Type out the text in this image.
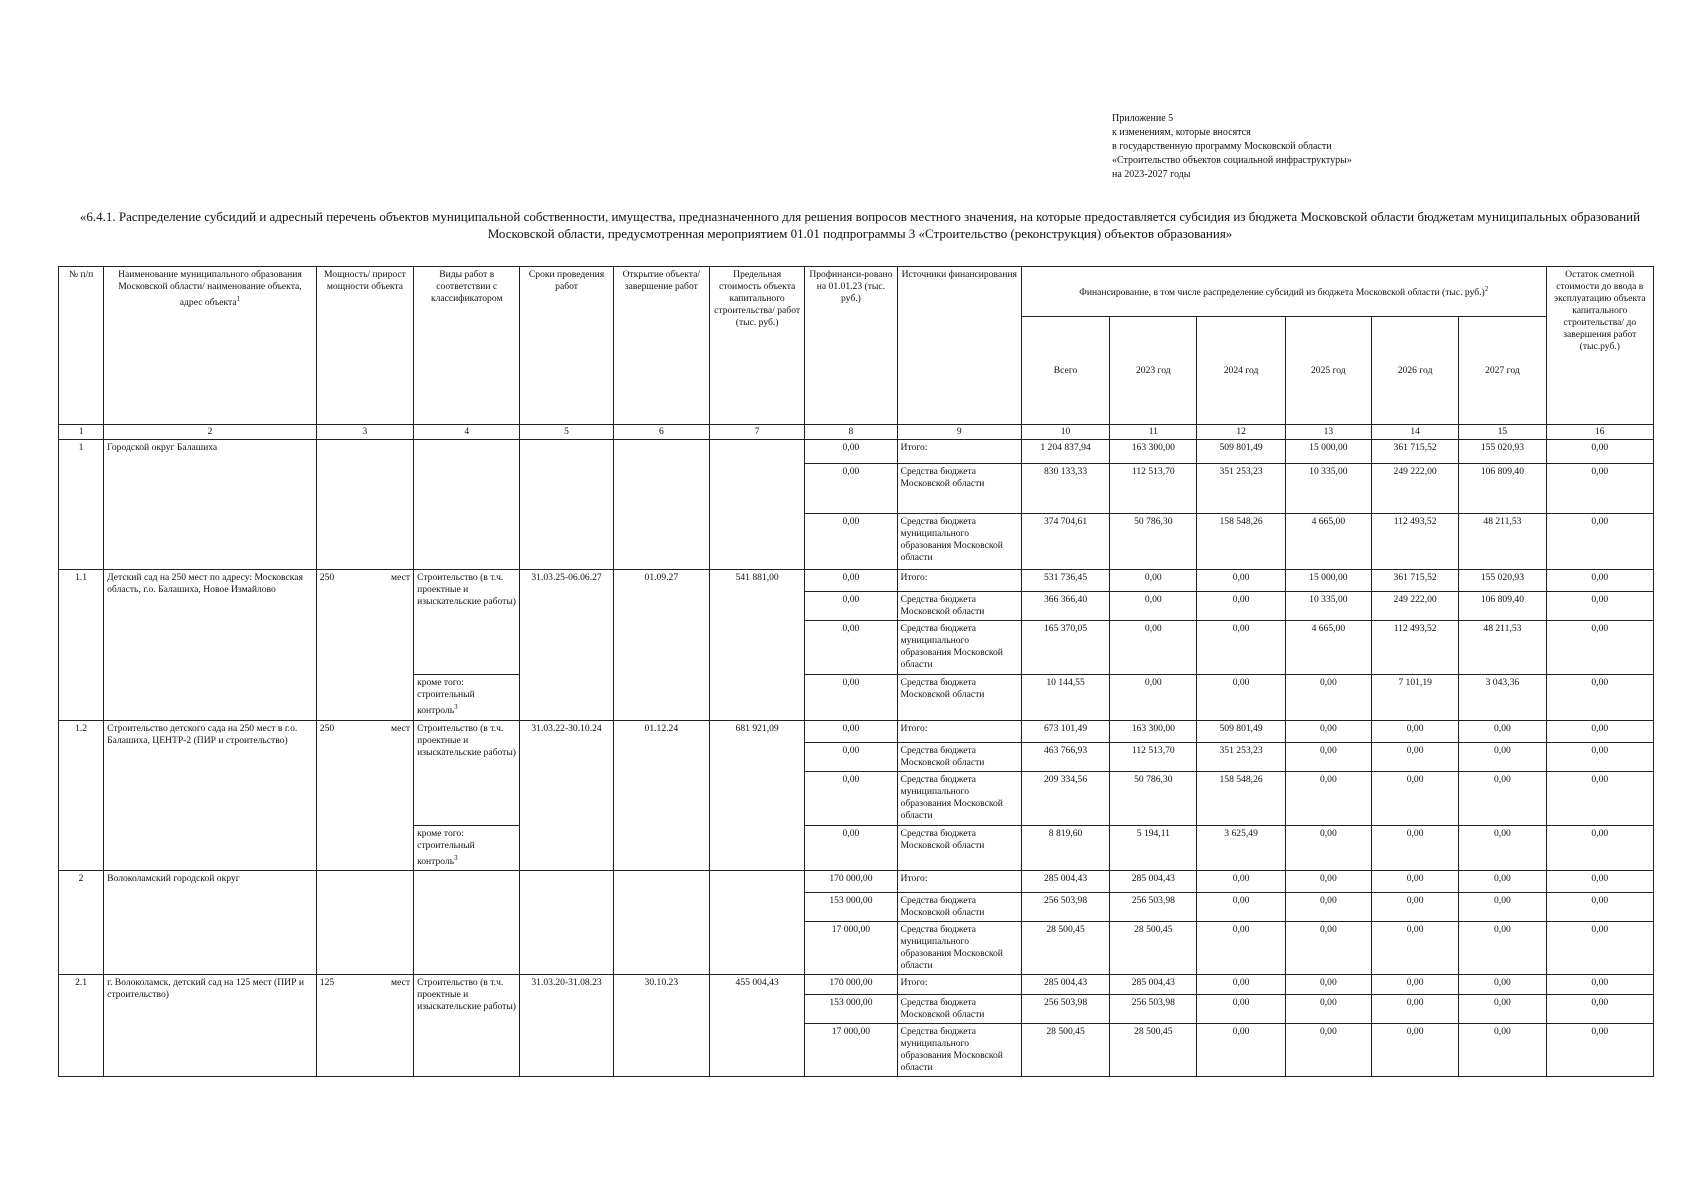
Приложение 5
к изменениям, которые вносятся
в государственную программу Московской области
«Строительство объектов социальной инфраструктуры»
на 2023-2027 годы
«6.4.1. Распределение субсидий и адресный перечень объектов муниципальной собственности, имущества, предназначенного для решения вопросов местного значения, на которые предоставляется субсидия из бюджета Московской области бюджетам муниципальных образований Московской области, предусмотренная мероприятием 01.01 подпрограммы 3 «Строительство (реконструкция) объектов образования»
№ п/п	Наименование муниципального образования Московской области/ наименование объекта, адрес объекта$^1$	Мощность/ прирост мощности объекта	Виды работ в соответствии с классификатором	Сроки проведения работ	Открытие объекта/ завершение работ	Предельная стоимость объекта капитального строительства/ работ (тыс. руб.)	Профинанси-ровано на 01.01.23 (тыс. руб.)	Источники финансирования	Финансирование, в том числе распределение субсидий из бюджета Московской области (тыс. руб.)$^2$						Остаток сметной стоимости до ввода в эксплуатацию объекта капитального строительства/ до завершения работ (тыс.руб.)
									Всего	2023 год	2024 год	2025 год	2026 год	2027 год	
1	2	3	4	5	6	7	8	9	10	11	12	13	14	15	16
1	Городской округ Балашиха						0,00	Итого:	1 204 837,94	163 300,00	509 801,49	15 000,00	361 715,52	155 020,93	0,00
							0,00	Средства бюджета Московской области	830 133,33	112 513,70	351 253,23	10 335,00	249 222,00	106 809,40	0,00
							0,00	Средства бюджета муниципального образования Московской области	374 704,61	50 786,30	158 548,26	4 665,00	112 493,52	48 211,53	0,00
1.1	Детский сад на 250 мест по адресу: Московская область, г.о. Балашиха, Новое Измайлово	250 мест	Строительство (в т.ч. проектные и изыскательские работы)	31.03.25-06.06.27	01.09.27	541 881,00	0,00	Итого:	531 736,45	0,00	0,00	15 000,00	361 715,52	155 020,93	0,00
							0,00	Средства бюджета Московской области	366 366,40	0,00	0,00	10 335,00	249 222,00	106 809,40	0,00
							0,00	Средства бюджета муниципального образования Московской области	165 370,05	0,00	0,00	4 665,00	112 493,52	48 211,53	0,00
			кроме того: строительный контроль$^3$				0,00	Средства бюджета Московской области	10 144,55	0,00	0,00	0,00	7 101,19	3 043,36	0,00
1.2	Строительство детского сада на 250 мест в г.о. Балашиха, ЦЕНТР-2 (ПИР и строительство)	250 мест	Строительство (в т.ч. проектные и изыскательские работы)	31.03.22-30.10.24	01.12.24	681 921,09	0,00	Итого:	673 101,49	163 300,00	509 801,49	0,00	0,00	0,00	0,00
							0,00	Средства бюджета Московской области	463 766,93	112 513,70	351 253,23	0,00	0,00	0,00	0,00
							0,00	Средства бюджета муниципального образования Московской области	209 334,56	50 786,30	158 548,26	0,00	0,00	0,00	0,00
			кроме того: строительный контроль$^3$				0,00	Средства бюджета Московской области	8 819,60	5 194,11	3 625,49	0,00	0,00	0,00	0,00
2	Волоколамский городской округ						170 000,00	Итого:	285 004,43	285 004,43	0,00	0,00	0,00	0,00	0,00
							153 000,00	Средства бюджета Московской области	256 503,98	256 503,98	0,00	0,00	0,00	0,00	0,00
							17 000,00	Средства бюджета муниципального образования Московской области	28 500,45	28 500,45	0,00	0,00	0,00	0,00	0,00
2.1	г. Волоколамск, детский сад на 125 мест (ПИР и строительство)	125 мест	Строительство (в т.ч. проектные и изыскательские работы)	31.03.20-31.08.23	30.10.23	455 004,43	170 000,00	Итого:	285 004,43	285 004,43	0,00	0,00	0,00	0,00	0,00
							153 000,00	Средства бюджета Московской области	256 503,98	256 503,98	0,00	0,00	0,00	0,00	0,00
							17 000,00	Средства бюджета муниципального образования Московской области	28 500,45	28 500,45	0,00	0,00	0,00	0,00	0,00
